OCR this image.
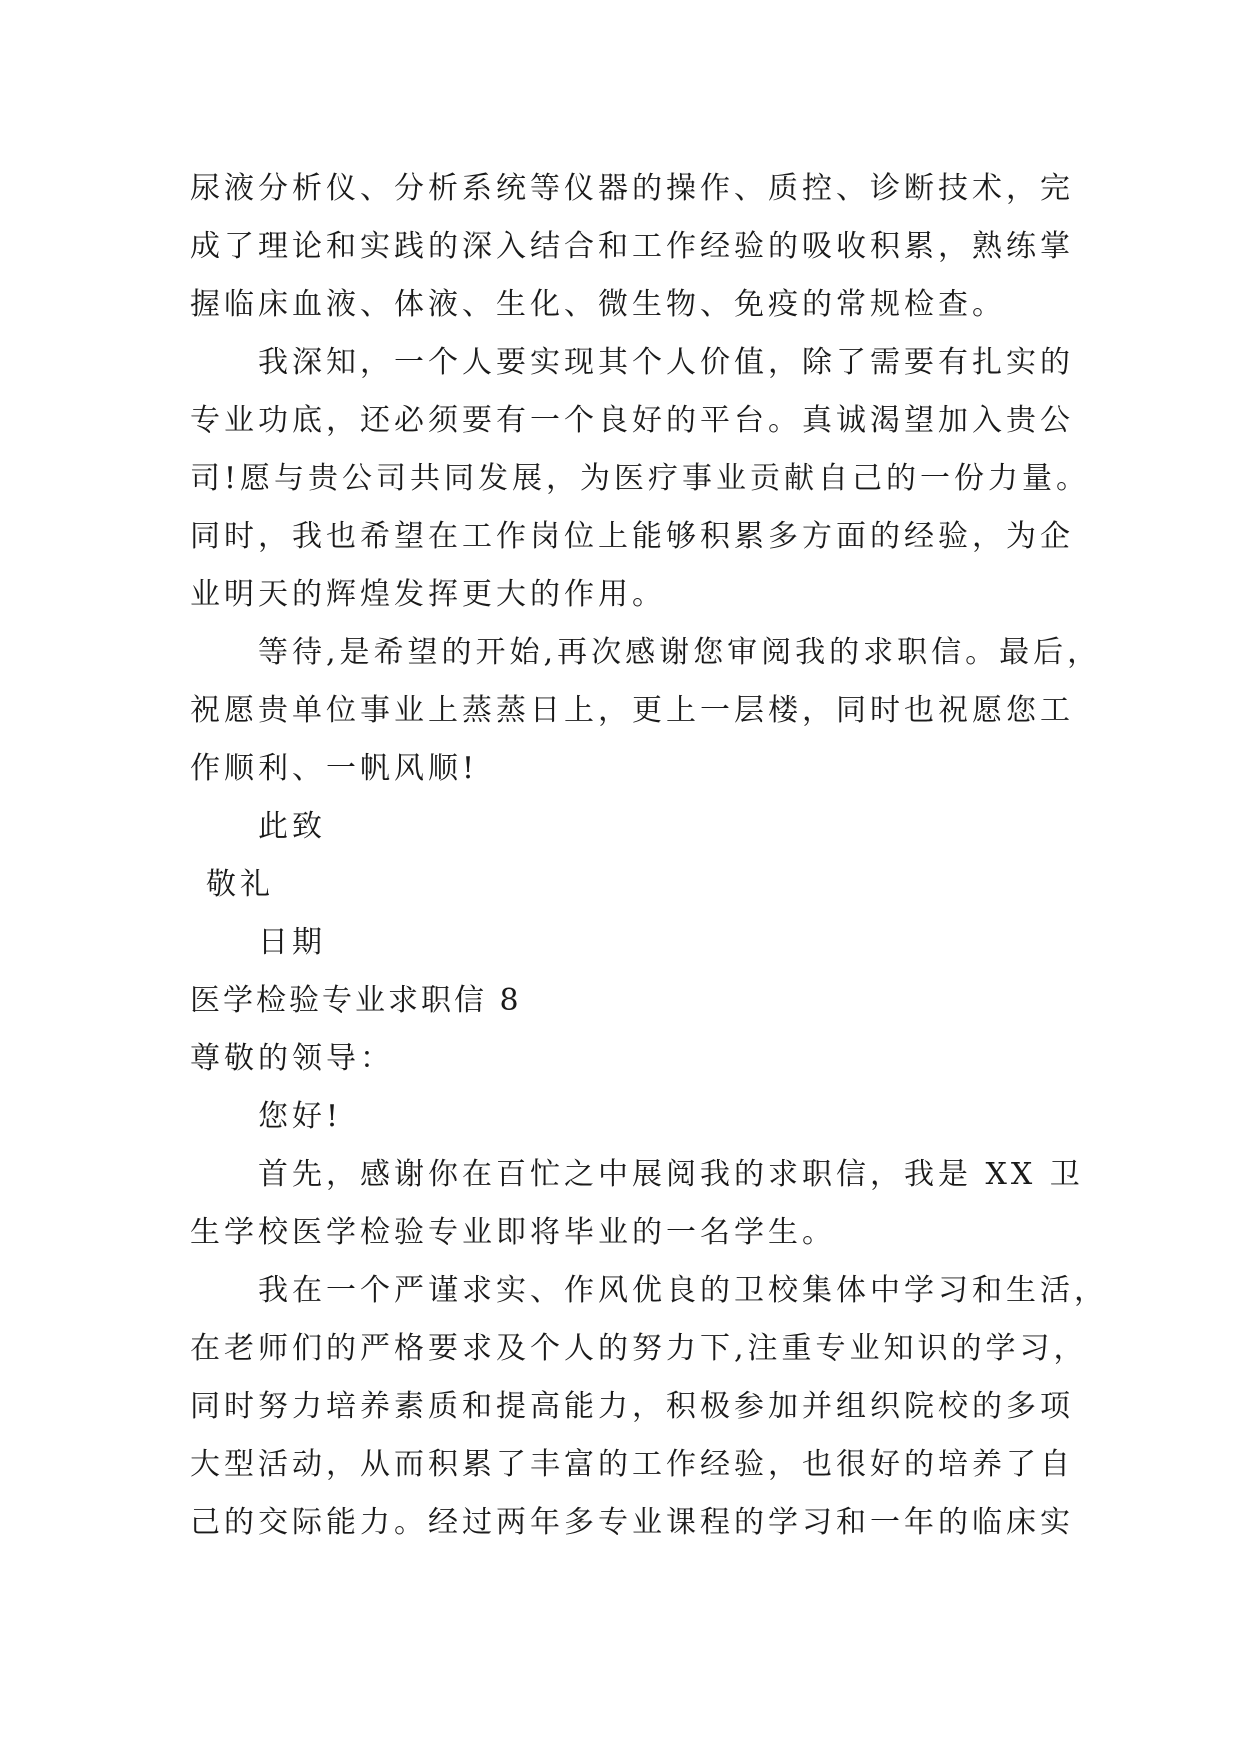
尿液分析仪、分析系统等仪器的操作、质控、诊断技术，完
成了理论和实践的深入结合和工作经验的吸收积累，熟练掌
握临床血液、体液、生化、微生物、免疫的常规检查。
我深知，一个人要实现其个人价值，除了需要有扎实的
专业功底，还必须要有一个良好的平台。真诚渴望加入贵公
司!愿与贵公司共同发展，为医疗事业贡献自己的一份力量。
同时，我也希望在工作岗位上能够积累多方面的经验，为企
业明天的辉煌发挥更大的作用。
等待,是希望的开始,再次感谢您审阅我的求职信。最后，
祝愿贵单位事业上蒸蒸日上，更上一层楼，同时也祝愿您工
作顺利、一帆风顺!
此致
敬礼
日期
医学检验专业求职信 8
尊敬的领导：
您好!
首先，感谢你在百忙之中展阅我的求职信，我是 XX 卫
生学校医学检验专业即将毕业的一名学生。
我在一个严谨求实、作风优良的卫校集体中学习和生活，
在老师们的严格要求及个人的努力下,注重专业知识的学习，
同时努力培养素质和提高能力，积极参加并组织院校的多项
大型活动，从而积累了丰富的工作经验，也很好的培养了自
己的交际能力。经过两年多专业课程的学习和一年的临床实
